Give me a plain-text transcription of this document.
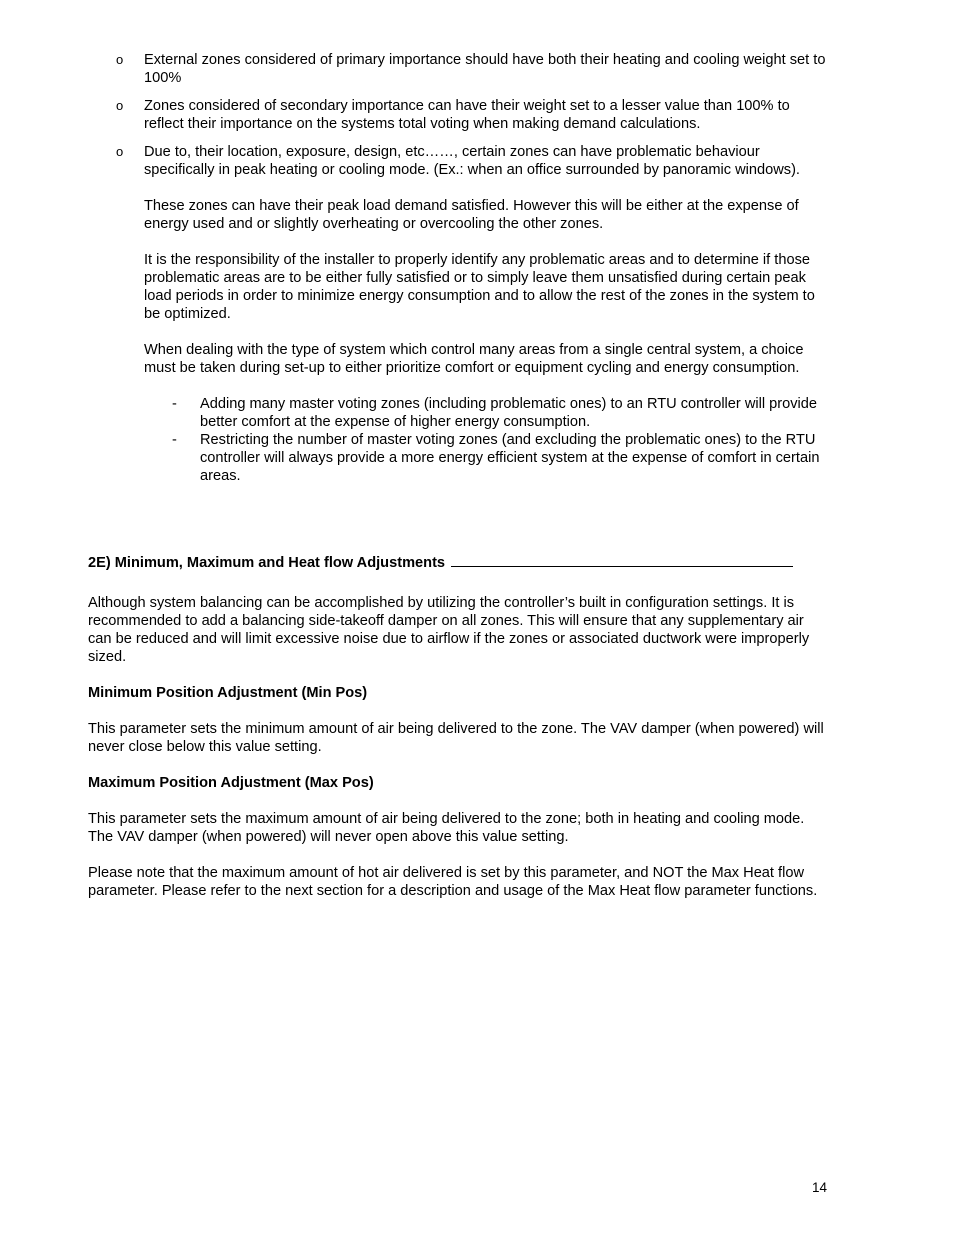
o External zones considered of primary importance should have both their heating and cooling weight set to 100%

o Zones considered of secondary importance can have their weight set to a lesser value than 100% to reflect their importance on the systems total voting when making demand calculations.

o Due to, their location, exposure, design, etc……, certain zones can have problematic behaviour specifically in peak heating or cooling mode. (Ex.: when an office surrounded by panoramic windows).

These zones can have their peak load demand satisfied. However this will be either at the expense of energy used and or slightly overheating or overcooling the other zones.

It is the responsibility of the installer to properly identify any problematic areas and to determine if those problematic areas are to be either fully satisfied or to simply leave them unsatisfied during certain peak load periods in order to minimize energy consumption and to allow the rest of the zones in the system to be optimized.

When dealing with the type of system which control many areas from a single central system, a choice must be taken during set-up to either prioritize comfort or equipment cycling and energy consumption.

- Adding many master voting zones (including problematic ones) to an RTU controller will provide better comfort at the expense of higher energy consumption.
- Restricting the number of master voting zones (and excluding the problematic ones) to the RTU controller will always provide a more energy efficient system at the expense of comfort in certain areas.
2E) Minimum, Maximum and Heat flow Adjustments

Although system balancing can be accomplished by utilizing the controller’s built in configuration settings. It is recommended to add a balancing side-takeoff damper on all zones. This will ensure that any supplementary air can be reduced and will limit excessive noise due to airflow if the zones or associated ductwork were improperly sized.

Minimum Position Adjustment (Min Pos)

This parameter sets the minimum amount of air being delivered to the zone. The VAV damper (when powered) will never close below this value setting.

Maximum Position Adjustment (Max Pos)

This parameter sets the maximum amount of air being delivered to the zone; both in heating and cooling mode. The VAV damper (when powered) will never open above this value setting.

Please note that the maximum amount of hot air delivered is set by this parameter, and NOT the Max Heat flow parameter. Please refer to the next section for a description and usage of the Max Heat flow parameter functions.

14
